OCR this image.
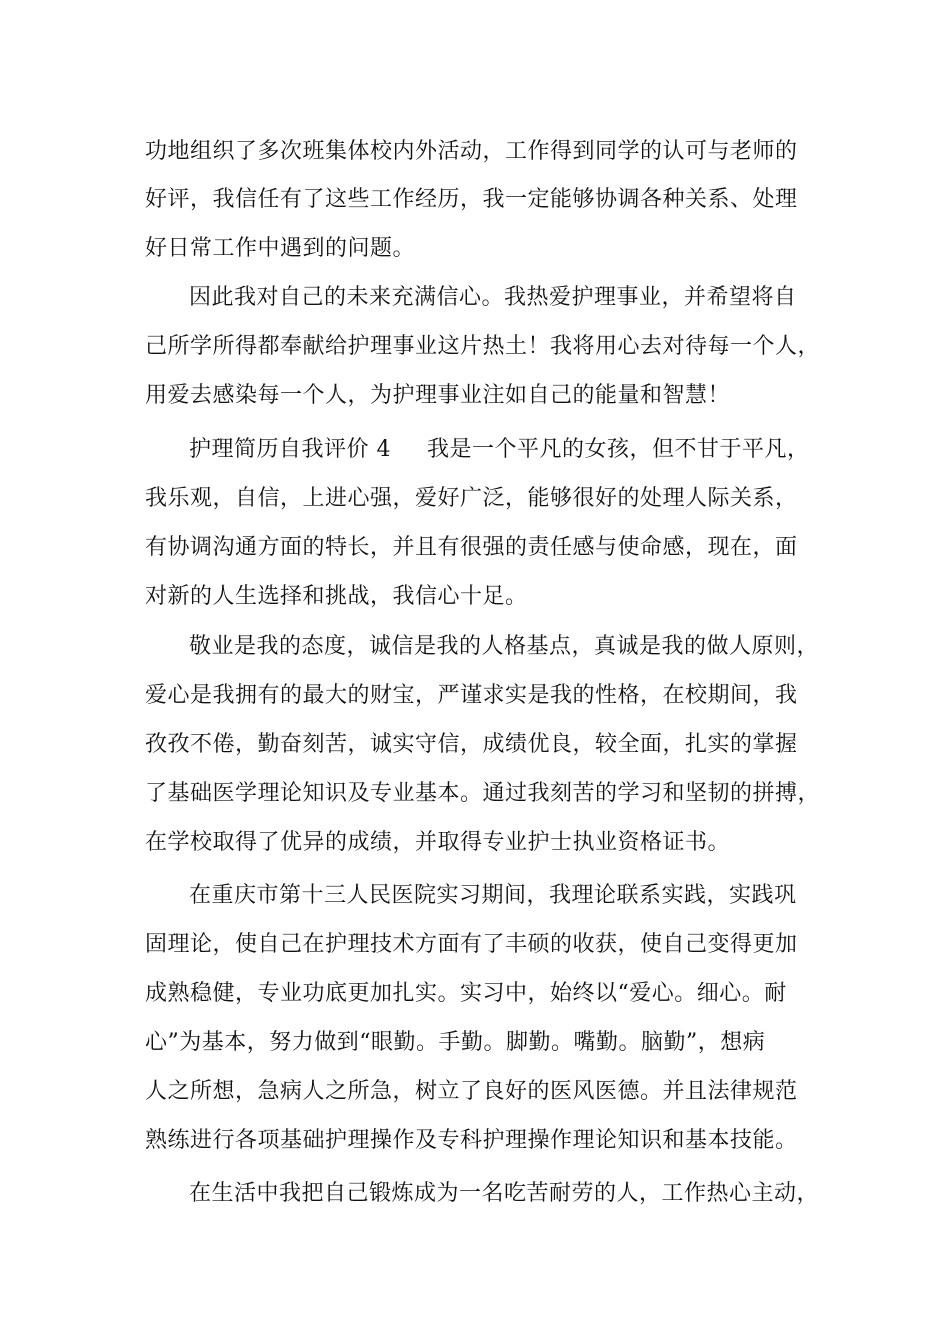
功地组织了多次班集体校内外活动，工作得到同学的认可与老师的
好评，我信任有了这些工作经历，我一定能够协调各种关系、处理
好日常工作中遇到的问题。
因此我对自己的未来充满信心。我热爱护理事业，并希望将自
己所学所得都奉献给护理事业这片热土！我将用心去对待每一个人，
用爱去感染每一个人，为护理事业注如自己的能量和智慧！
护理简历自我评价 4 我是一个平凡的女孩，但不甘于平凡，
我乐观，自信，上进心强，爱好广泛，能够很好的处理人际关系，
有协调沟通方面的特长，并且有很强的责任感与使命感，现在，面
对新的人生选择和挑战，我信心十足。
敬业是我的态度，诚信是我的人格基点，真诚是我的做人原则，
爱心是我拥有的最大的财宝，严谨求实是我的性格，在校期间，我
孜孜不倦，勤奋刻苦，诚实守信，成绩优良，较全面，扎实的掌握
了基础医学理论知识及专业基本。通过我刻苦的学习和坚韧的拼搏，
在学校取得了优异的成绩，并取得专业护士执业资格证书。
在重庆市第十三人民医院实习期间，我理论联系实践，实践巩
固理论，使自己在护理技术方面有了丰硕的收获，使自己变得更加
成熟稳健，专业功底更加扎实。实习中，始终以“爱心。细心。耐
心”为基本，努力做到“眼勤。手勤。脚勤。嘴勤。脑勤”，想病
人之所想，急病人之所急，树立了良好的医风医德。并且法律规范
熟练进行各项基础护理操作及专科护理操作理论知识和基本技能。
在生活中我把自己锻炼成为一名吃苦耐劳的人，工作热心主动，
